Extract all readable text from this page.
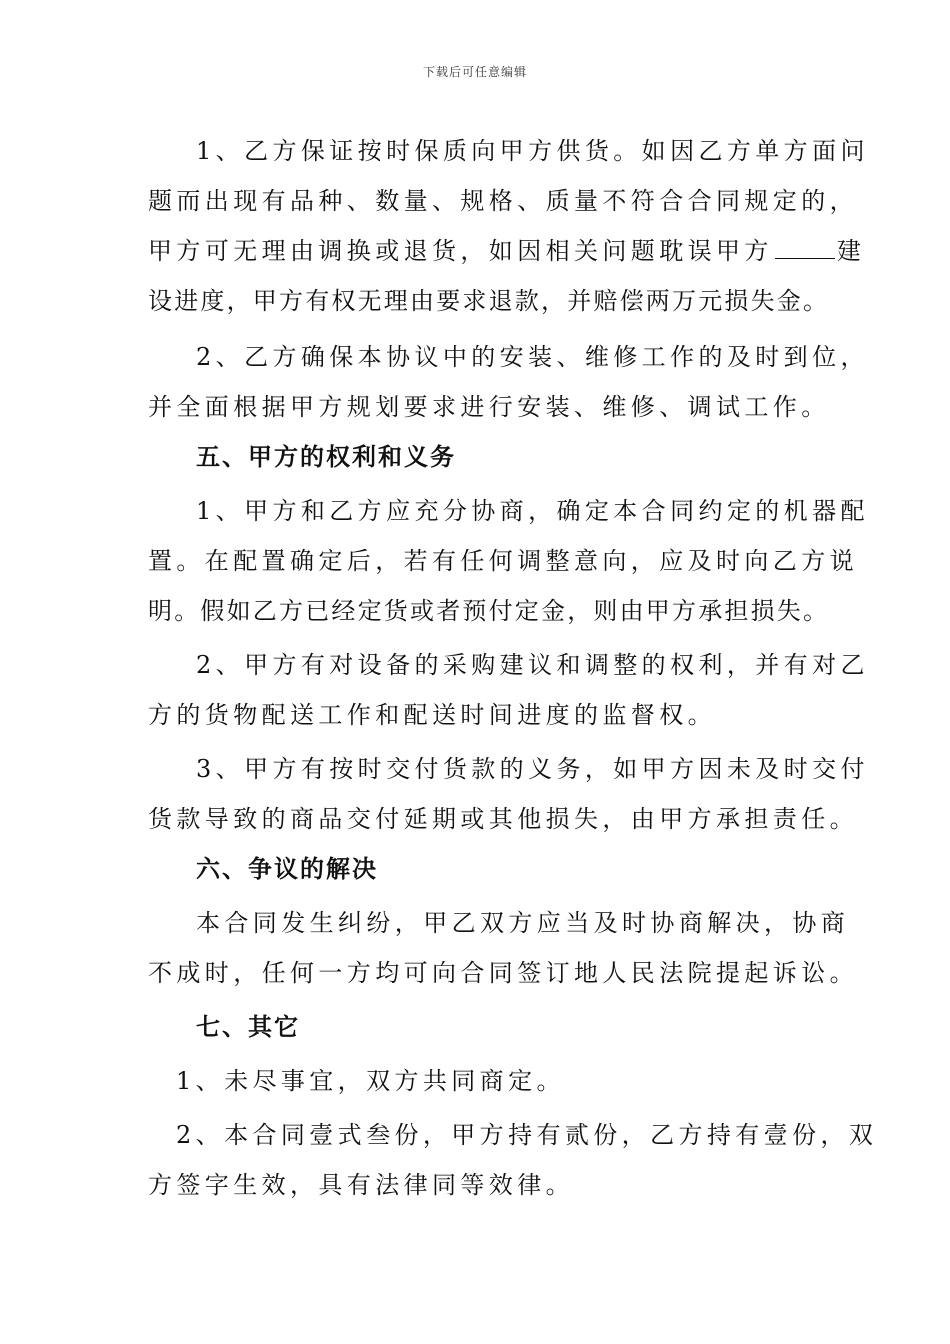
下载后可任意编辑
1、乙方保证按时保质向甲方供货。如因乙方单方面问
题而出现有品种、数量、规格、质量不符合合同规定的，
甲方可无理由调换或退货，如因相关问题耽误甲方	建
设进度，甲方有权无理由要求退款，并赔偿两万元损失金。
2、乙方确保本协议中的安装、维修工作的及时到位，
并全面根据甲方规划要求进行安装、维修、调试工作。
五、甲方的权利和义务
1、甲方和乙方应充分协商，确定本合同约定的机器配
置。在配置确定后，若有任何调整意向，应及时向乙方说
明。假如乙方已经定货或者预付定金，则由甲方承担损失。
2、甲方有对设备的采购建议和调整的权利，并有对乙
方的货物配送工作和配送时间进度的监督权。
3、甲方有按时交付货款的义务，如甲方因未及时交付
货款导致的商品交付延期或其他损失，由甲方承担责任。
六、争议的解决
本合同发生纠纷，甲乙双方应当及时协商解决，协商
不成时，任何一方均可向合同签订地人民法院提起诉讼。
七、其它
1、未尽事宜，双方共同商定。
2、本合同壹式叁份，甲方持有贰份，乙方持有壹份，双
方签字生效，具有法律同等效律。
